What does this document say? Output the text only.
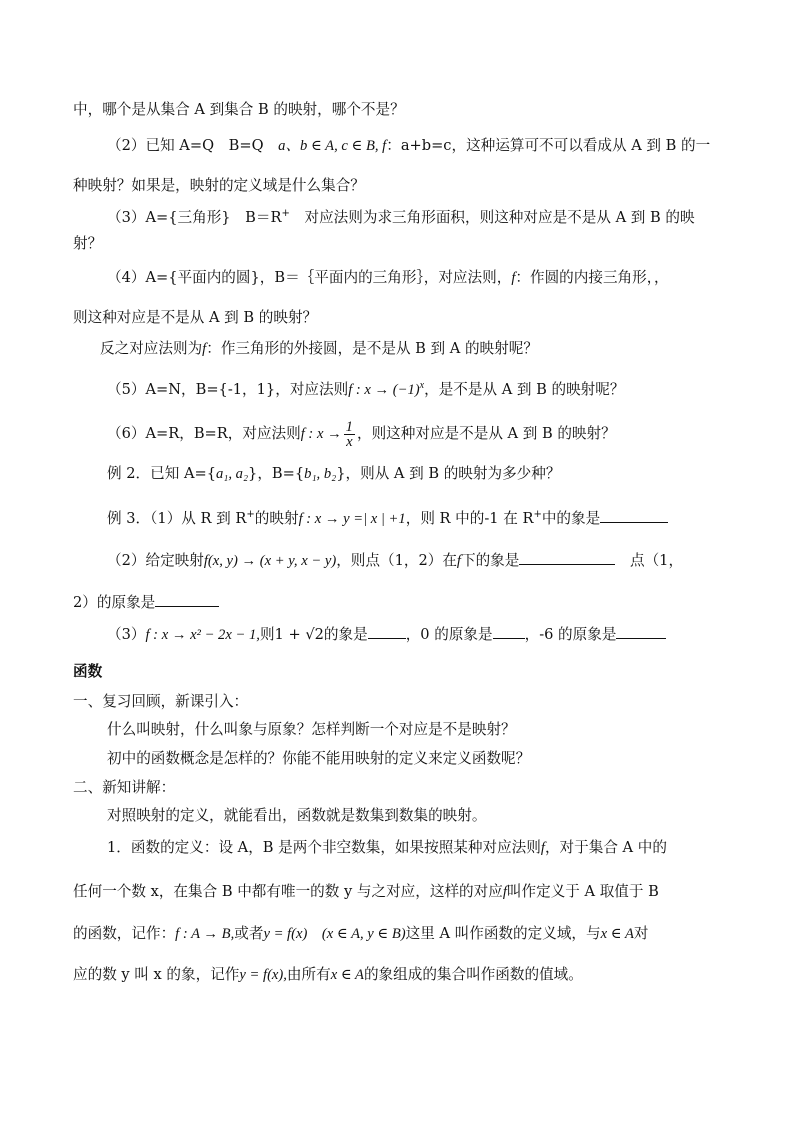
中，哪个是从集合 A 到集合 B 的映射，哪个不是？
（2）已知 A=Q　B=Q　a、b ∈ A, c ∈ B, f：a+b=c，这种运算可不可以看成从 A 到 B 的一
种映射？如果是，映射的定义域是什么集合？
（3）A={三角形}　B＝R+　对应法则为求三角形面积，则这种对应是不是从 A 到 B 的映
射？
（4）A={平面内的圆}，B＝｛平面内的三角形｝，对应法则，f：作圆的内接三角形，，
则这种对应是不是从 A 到 B 的映射？
反之对应法则为f：作三角形的外接圆，是不是从 B 到 A 的映射呢？
（5）A=N，B={-1，1}，对应法则f : $x \to (-1)^x$，是不是从 A 到 B 的映射呢？
（6）A=R，B=R，对应法则f : $x \to \frac{1}{x}$ ，则这种对应是不是从 A 到 B 的映射？
例 2．已知 A={a₁, a₂}，B={b₁, b₂}，则从 A 到 B 的映射为多少种？
例 3．（1）从 R 到 R+的映射f : x → y =| x | +1，则 R 中的-1 在 R+中的象是
（2）给定映射f(x, y) → (x + y, x − y)，则点（1，2）在f下的象是　	点（1，
2）的原象是
（3）f : x → x² − 2x − 1,则1 + √2的象是	，0 的原象是 ，-6 的原象是
函数
一、复习回顾，新课引入：
什么叫映射，什么叫象与原象？怎样判断一个对应是不是映射？
初中的函数概念是怎样的？你能不能用映射的定义来定义函数呢？
二、新知讲解：
对照映射的定义，就能看出，函数就是数集到数集的映射。
1．函数的定义：设 A，B 是两个非空数集，如果按照某种对应法则f，对于集合 A 中的
任何一个数 x，在集合 B 中都有唯一的数 y 与之对应，这样的对应f叫作定义于 A 取值于 B
的函数，记作：f : A → B,或者y = f(x)　 (x ∈ A, y ∈ B)这里 A 叫作函数的定义域，与x ∈ A对
应的数 y 叫 x 的象，记作y = f(x),由所有x ∈ A的象组成的集合叫作函数的值域。
